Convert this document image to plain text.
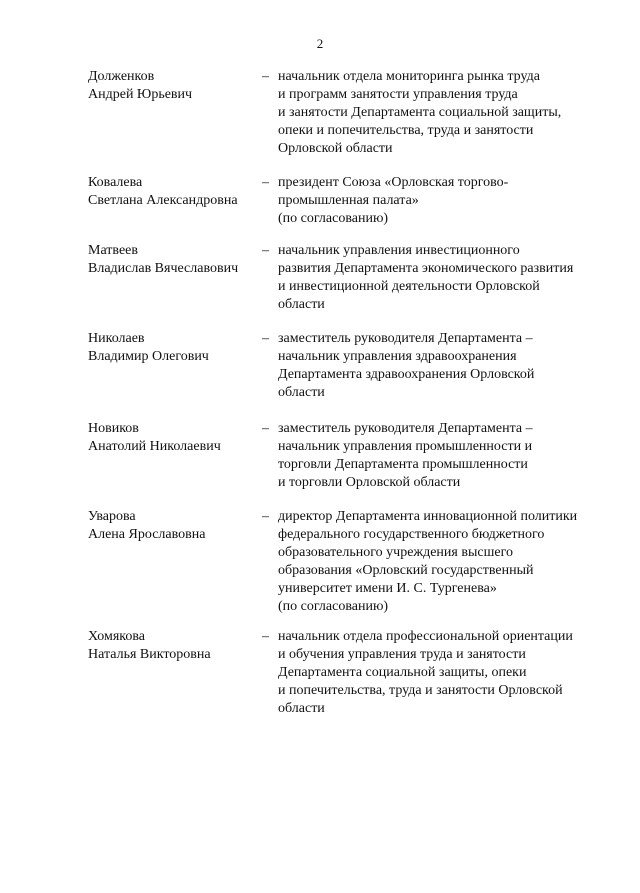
2
Долженков
Андрей Юрьевич
– начальник отдела мониторинга рынка труда
и программ занятости управления труда
и занятости Департамента социальной защиты,
опеки и попечительства, труда и занятости
Орловской области
Ковалева
Светлана Александровна
– президент Союза «Орловская торгово-
промышленная палата»
(по согласованию)
Матвеев
Владислав Вячеславович
– начальник управления инвестиционного
развития Департамента экономического развития
и инвестиционной деятельности Орловской
области
Николаев
Владимир Олегович
– заместитель руководителя Департамента –
начальник управления здравоохранения
Департамента здравоохранения Орловской
области
Новиков
Анатолий Николаевич
– заместитель руководителя Департамента –
начальник управления промышленности и
торговли Департамента промышленности
и торговли Орловской области
Уварова
Алена Ярославовна
– директор Департамента инновационной политики
федерального государственного бюджетного
образовательного учреждения высшего
образования «Орловский государственный
университет имени И. С. Тургенева»
(по согласованию)
Хомякова
Наталья Викторовна
– начальник отдела профессиональной ориентации
и обучения управления труда и занятости
Департамента социальной защиты, опеки
и попечительства, труда и занятости Орловской
области
